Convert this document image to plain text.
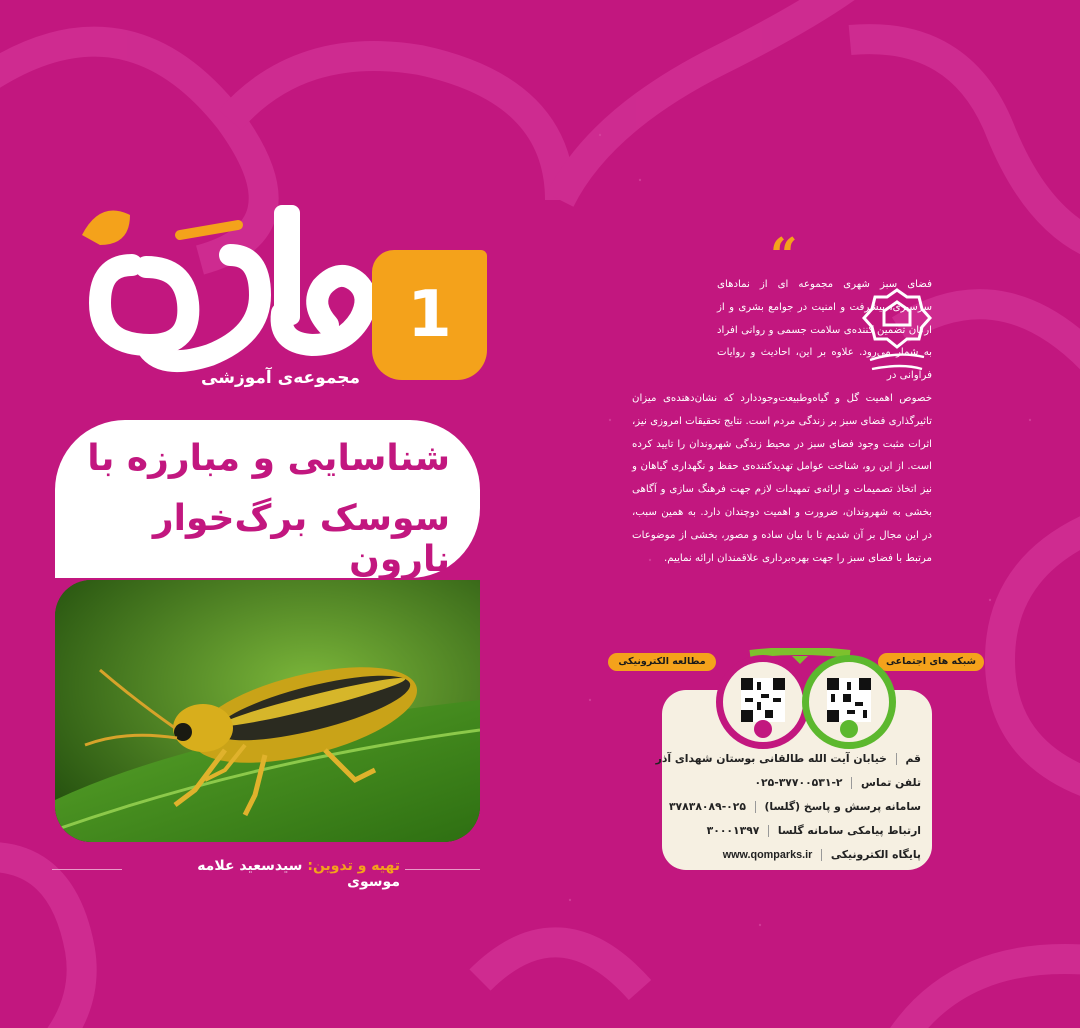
1
مجموعه‌ی آموزشی
شناسایی و مبارزه با
سوسک برگ‌خوار نارون
تهیه و تدوین: سیدسعید علامه موسوی
“
فضای سبز شهری مجموعه ای از نمادهای سرسبزی، پیشرفت و امنیت در جوامع بشری و از ارکان تضمین کننده‌ی سلامت جسمی و روانی افراد به شمار می‌رود. علاوه بر این، احادیث و روایات فراوانی در
خصوص اهمیت گل و گیاه‌وطبیعت‌وجود‌دارد که نشان‌دهنده‌ی میزان تاثیرگذاری فضای سبز بر زندگی مردم است. نتایج تحقیقات امروزی نیز، اثرات مثبت وجود فضای سبز در محیط زندگی شهروندان را تایید کرده است. از این رو، شناخت عوامل تهدیدکننده‌ی حفظ و نگهداری گیاهان و نیز اتخاذ تصمیمات و ارائه‌ی تمهیدات لازم جهت فرهنگ سازی و آگاهی بخشی به شهروندان، ضرورت و اهمیت دوچندان دارد. به همین سبب، در این مجال بر آن شدیم تا با بیان ساده و مصور، بخشی از موضوعات مرتبط با فضای سبز را جهت بهره‌برداری علاقمندان ارائه نماییم.
شبکه های اجتماعی
مطالعه الکترونیکی
قم  خیابان آیت الله طالقانی بوستان شهدای آذر
تلفن تماس  ۲-۳۷۷۰۰۵۳۱-۰۲۵
سامانه پرسش و پاسخ (گلسا)  ۰۲۵-۳۷۸۳۸۰۸۹
ارتباط پیامکی سامانه گلسا  ۳۰۰۰۱۳۹۷
پایگاه الکترونیکی  www.qomparks.ir
